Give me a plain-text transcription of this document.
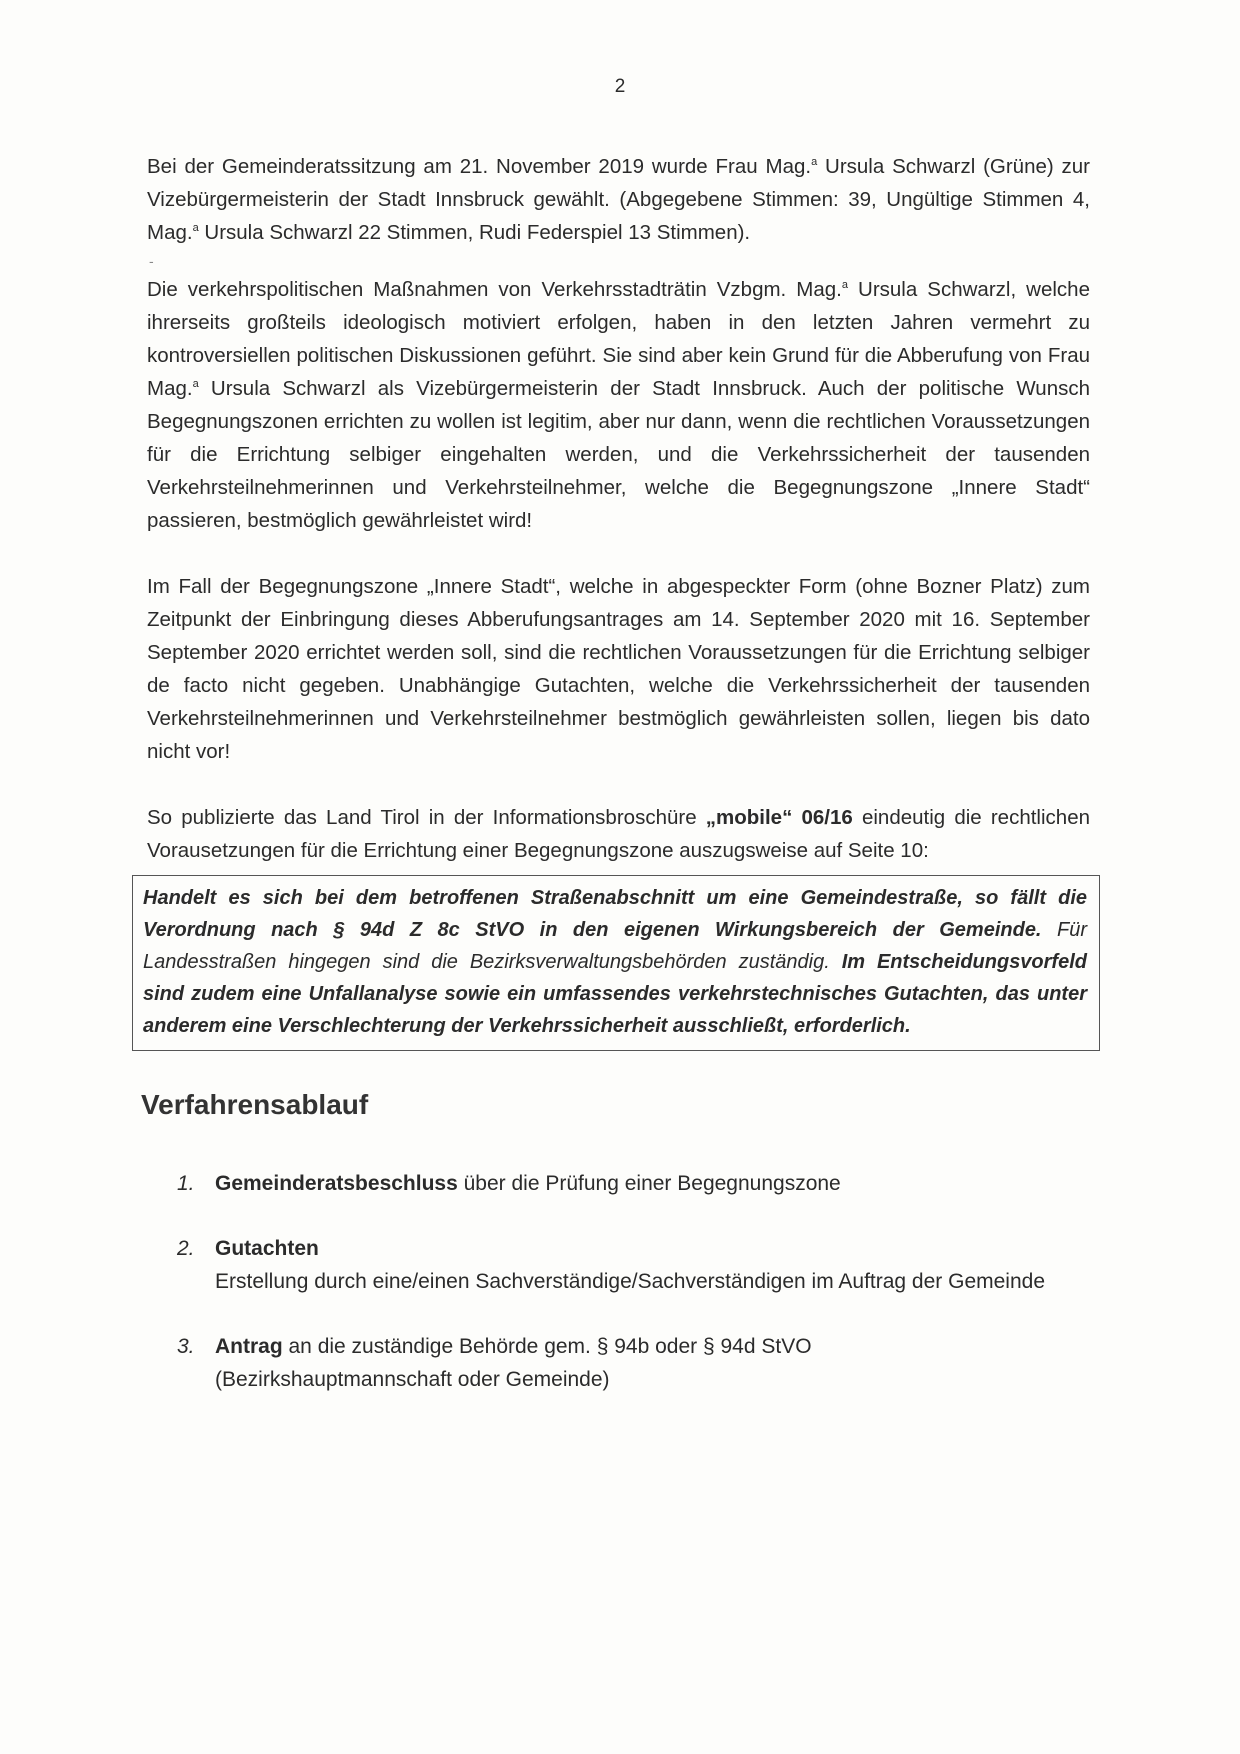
2

Bei der Gemeinderatssitzung am 21. November 2019 wurde Frau Mag.$^a$ Ursula Schwarzl (Grüne) zur Vizebürgermeisterin der Stadt Innsbruck gewählt. (Abgegebene Stimmen: 39, Ungültige Stimmen 4, Mag.$^a$ Ursula Schwarzl 22 Stimmen, Rudi Federspiel 13 Stimmen).

-

Die verkehrspolitischen Maßnahmen von Verkehrsstadträtin Vzbgm. Mag.$^a$ Ursula Schwarzl, welche ihrerseits großteils ideologisch motiviert erfolgen, haben in den letzten Jahren vermehrt zu kontroversiellen politischen Diskussionen geführt. Sie sind aber kein Grund für die Abberufung von Frau Mag.$^a$ Ursula Schwarzl als Vizebürgermeisterin der Stadt Innsbruck. Auch der politische Wunsch Begegnungszonen errichten zu wollen ist legitim, aber nur dann, wenn die rechtlichen Voraussetzungen für die Errichtung selbiger eingehalten werden, und die Verkehrssicherheit der tausenden Verkehrsteilnehmerinnen und Verkehrsteilnehmer, welche die Begegnungszone „Innere Stadt“ passieren, bestmöglich gewährleistet wird!

Im Fall der Begegnungszone „Innere Stadt“, welche in abgespeckter Form (ohne Bozner Platz) zum Zeitpunkt der Einbringung dieses Abberufungsantrages am 14. September 2020 mit 16. September September 2020 errichtet werden soll, sind die rechtlichen Voraussetzungen für die Errichtung selbiger de facto nicht gegeben. Unabhängige Gutachten, welche die Verkehrssicherheit der tausenden Verkehrsteilnehmerinnen und Verkehrsteilnehmer bestmöglich gewährleisten sollen, liegen bis dato nicht vor!

So publizierte das Land Tirol in der Informationsbroschüre „mobile“ 06/16 eindeutig die rechtlichen Vorausetzungen für die Errichtung einer Begegnungszone auszugsweise auf Seite 10:

Handelt es sich bei dem betroffenen Straßenabschnitt um eine Gemeindestraße, so fällt die Verordnung nach § 94d Z 8c StVO in den eigenen Wirkungsbereich der Gemeinde. Für Landesstraßen hingegen sind die Bezirksverwaltungsbehörden zuständig. Im Entscheidungsvorfeld sind zudem eine Unfallanalyse sowie ein umfassendes verkehrstechnisches Gutachten, das unter anderem eine Verschlechterung der Verkehrssicherheit ausschließt, erforderlich.
Verfahrensablauf
1. Gemeinderatsbeschluss über die Prüfung einer Begegnungszone
2. Gutachten
Erstellung durch eine/einen Sachverständige/Sachverständigen im Auftrag der Gemeinde
3. Antrag an die zuständige Behörde gem. § 94b oder § 94d StVO
(Bezirkshauptmannschaft oder Gemeinde)
